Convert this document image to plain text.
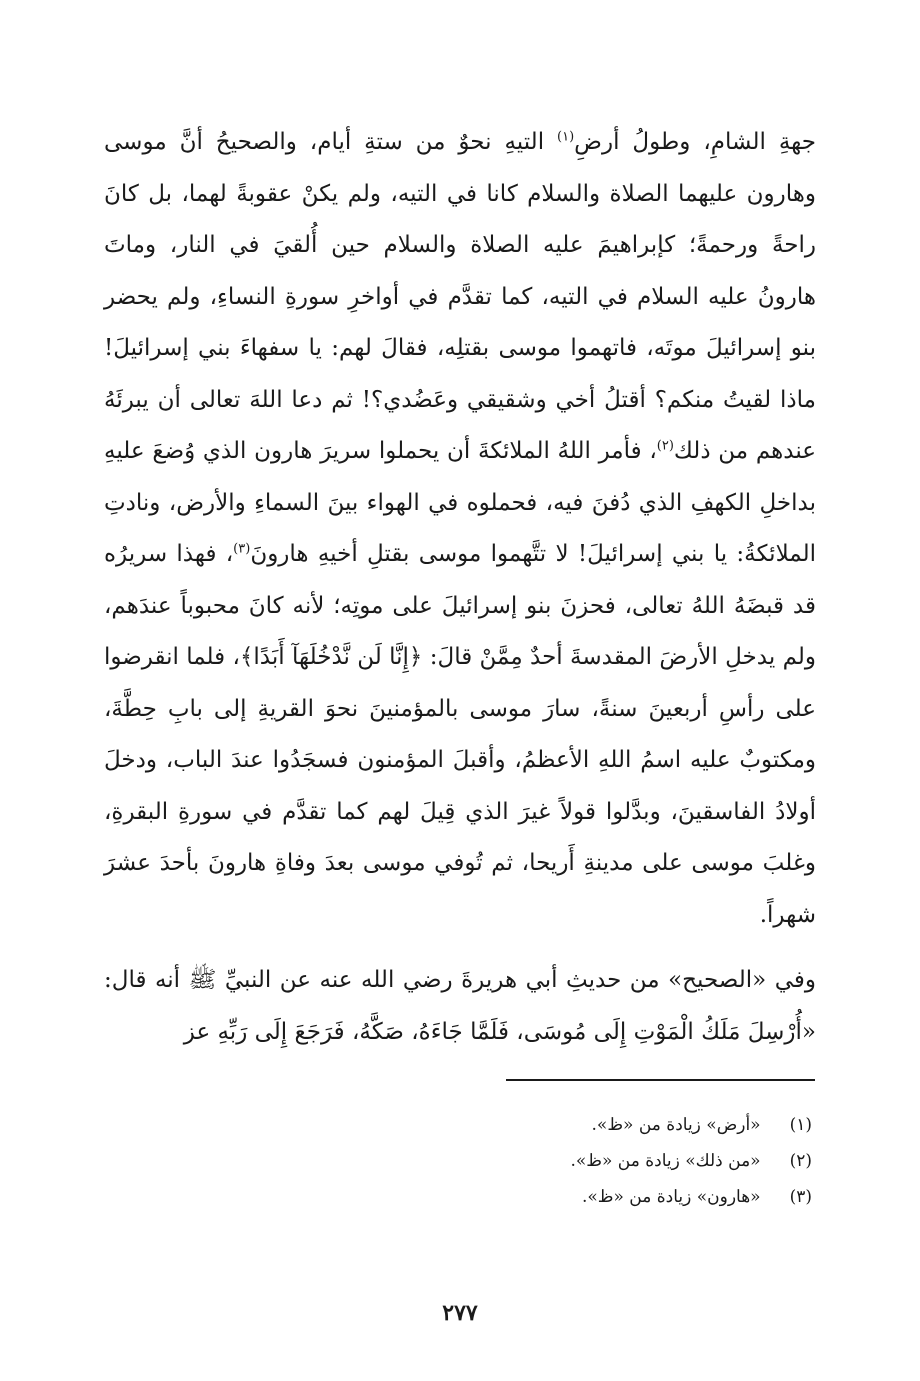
جهةِ الشامِ، وطولُ أرضِ$^{(١)}$ التيهِ نحوٌ من ستةِ أيام، والصحيحُ أنَّ موسى وهارون عليهما الصلاة والسلام كانا في التيه، ولم يكنْ عقوبةً لهما، بل كانَ راحةً ورحمةً؛ كإبراهيمَ عليه الصلاة والسلام حين أُلقيَ في النار، وماتَ هارونُ عليه السلام في التيه، كما تقدَّم في أواخرِ سورةِ النساءِ، ولم يحضر بنو إسرائيلَ موتَه، فاتهموا موسى بقتلِه، فقالَ لهم: يا سفهاءَ بني إسرائيلَ! ماذا لقيتُ منكم؟ أقتلُ أخي وشقيقي وعَضُدي؟! ثم دعا اللهَ تعالى أن يبرئَهُ عندهم من ذلك$^{(٢)}$، فأمر اللهُ الملائكةَ أن يحملوا سريرَ هارون الذي وُضعَ عليهِ بداخلِ الكهفِ الذي دُفنَ فيه، فحملوه في الهواء بينَ السماءِ والأرض، ونادتِ الملائكةُ: يا بني إسرائيلَ! لا تتَّهموا موسى بقتلِ أخيهِ هارونَ$^{(٣)}$، فهذا سريرُه قد قبضَهُ اللهُ تعالى، فحزنَ بنو إسرائيلَ على موتِه؛ لأنه كانَ محبوباً عندَهم، ولم يدخلِ الأرضَ المقدسةَ أحدٌ مِمَّنْ قالَ: ﴿إِنَّا لَن نَّدْخُلَهَآ أَبَدًا﴾، فلما انقرضوا على رأسِ أربعينَ سنةً، سارَ موسى بالمؤمنينَ نحوَ القريةِ إلى بابِ حِطَّةَ، ومكتوبٌ عليه اسمُ اللهِ الأعظمُ، وأقبلَ المؤمنون فسجَدُوا عندَ الباب، ودخلَ أولادُ الفاسقينَ، وبدَّلوا قولاً غيرَ الذي قِيلَ لهم كما تقدَّم في سورةِ البقرةِ، وغلبَ موسى على مدينةِ أَريحا، ثم تُوفي موسى بعدَ وفاةِ هارونَ بأحدَ عشرَ شهراً.

وفي «الصحيح» من حديثِ أبي هريرةَ رضي الله عنه عن النبيِّ ﷺ أنه قال: «أُرْسِلَ مَلَكُ الْمَوْتِ إِلَى مُوسَى، فَلَمَّا جَاءَهُ، صَكَّهُ، فَرَجَعَ إِلَى رَبِّهِ عز

(١) «أرض» زيادة من «ظ».
(٢) «من ذلك» زيادة من «ظ».
(٣) «هارون» زيادة من «ظ».
٢٧٧
